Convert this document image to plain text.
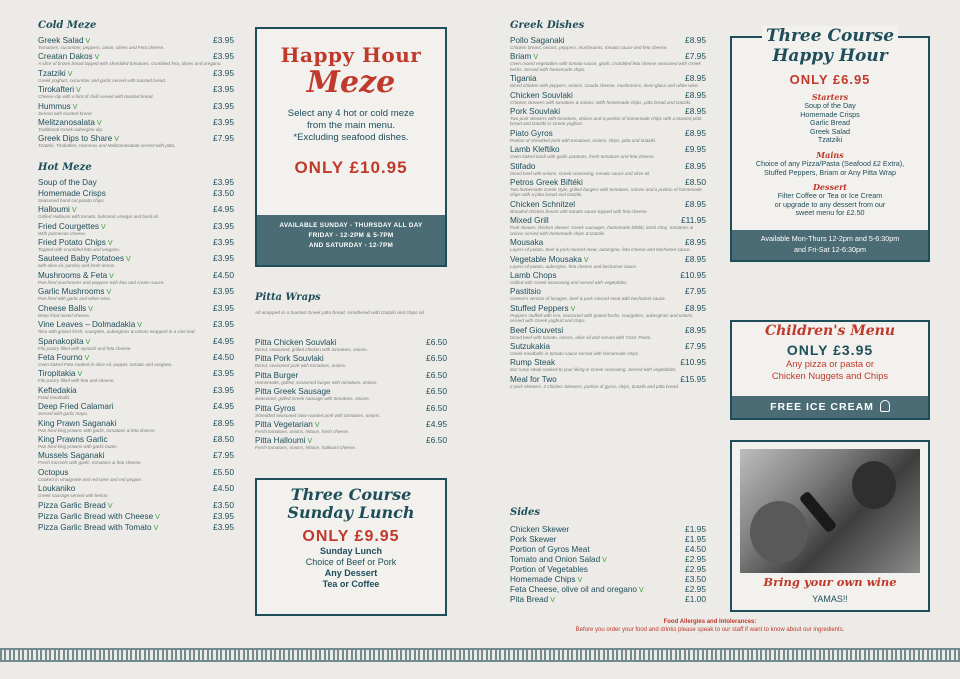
Cold Meze
Greek Salad V	£3.95
Tomatoes, cucumber, peppers, onion, olives and Feta cheese.
Creatan Dakos V	£3.95
A slice of brown bread topped with shredded tomatoes, crumbled feta, olives and oregano.
Tzatziki V	£3.95
Greek yoghurt, cucumber and garlic served with toasted bread.
Tirokafteri V	£3.95
Cheese dip with a hint of chilli served with toasted bread.
Hummus V	£3.95
Served with toasted bread.
Melitzanosalata V	£3.95
Traditional Greek aubergine dip.
Greek Dips to Share V	£7.95
Tzatziki, Tirokafteri, Hummus and Melitzanosalata served with pitta.
Hot Meze
Soup of the Day	£3.95
Homemade Crisps	£3.50
Seasoned hand cut potato chips.
Halloumi V	£4.95
Grilled Halloumi with tomato, balsamic vinegar and basil oil.
Fried Courgettes V	£3.95
With parmesan cheese.
Fried Potato Chips V	£3.95
Topped with crumbled feta and oregano.
Sauteed Baby Potatoes V	£3.95
with olive oil, parsley and fresh lemon.
Mushrooms & Feta V	£4.50
Pan fried mushrooms and peppers with feta and cream sauce.
Garlic Mushrooms V	£3.95
Pan fried with garlic and white wine.
Cheese Balls V	£3.95
Deep fried mixed cheese.
Vine Leaves – Dolmadakia V	£3.95
Rice with grated fresh, courgette, aubergines & onions wrapped in a vine leaf.
Spanakopita V	£4.95
Filo pastry filled with spinach and feta cheese.
Feta Fourno V	£4.50
Oven baked Feta cooked in olive oil, pepper, tomato and oregano.
Tiropitakia V	£3.95
Filo pastry filled with feta and cheese.
Keftedakia	£3.95
Fried meatballs.
Deep Fried Calamari	£4.95
Served with garlic mayo.
King Prawn Saganaki	£8.95
Pan fried king prawns with garlic, tomatoes & feta cheese.
King Prawns Garlic	£8.50
Pan fried king prawns with garlic butter.
Mussels Saganaki	£7.95
Fresh mussels with garlic, tomatoes & feta cheese.
Octopus	£5.50
Cooked in vinaigrette and red wine and red pepper.
Loukaniko	£4.50
Greek sausage served with lemon.
Pizza Garlic Bread V	£3.50
Pizza Garlic Bread with Cheese V	£3.95
Pizza Garlic Bread with Tomato V	£3.95
Happy Hour
Meze
Select any 4 hot or cold meze
from the main menu.
*Excluding seafood dishes.
ONLY £10.95
AVAILABLE SUNDAY - THURSDAY ALL DAY
FRIDAY - 12-2PM & 5-7PM
AND SATURDAY - 12-7PM
Pitta Wraps
All wrapped in a toasted Greek pitta bread, smothered with tzatziki and chips oil.
Pitta Chicken Souvlaki	£6.50
Diced, seasoned, grilled chicken with tomatoes, onions.
Pitta Pork Souvlaki	£6.50
Diced, seasoned pork with tomatoes, onions.
Pitta Burger	£6.50
Homemade, grilled, seasoned burger with tomatoes, onions.
Pitta Greek Sausage	£6.50
Seasoned, grilled Greek sausage with tomatoes, onions.
Pitta Gyros	£6.50
Shredded seasoned slow roasted pork with tomatoes, onions.
Pitta Vegetarian V	£4.95
Fresh tomatoes, onions, lettuce, fresh cheese.
Pitta Halloumi V	£6.50
Fresh tomatoes, onions, lettuce, halloumi cheese.
Three Course
Sunday Lunch
ONLY £9.95
Sunday Lunch
Choice of Beef or Pork
Any Dessert
Tea or Coffee
Greek Dishes
Pollo Saganaki	£8.95
Chicken breast, onions, peppers, mushrooms, tomato sauce and feta cheese.
Briam V	£7.95
Oven mixed vegetables with tomato sauce, garlic, crumbled feta cheese seasoned with Greek herbs. Served with homemade chips.
Tigania	£8.95
Diced chicken with peppers, onions, Gouda cheese, mushrooms, demi-glace and white wine.
Chicken Souvlaki	£8.95
Chicken skewers with tomatoes & onions. With homemade chips, pitta bread and tzatziki.
Pork Souvlaki	£8.95
Two pork skewers with tomatoes, onions and a portion of homemade chips with a toasted pitta bread and tzatziki or Greek yoghurt.
Piato Gyros	£8.95
Portion of shredded pork with tomatoes, onions, chips, pitta and tzatziki.
Lamb Kleftiko	£9.95
Oven baked lamb with garlic potatoes, fresh tomatoes and feta cheese.
Stifado	£8.95
Diced beef with onions, Greek seasoning, tomato sauce and olive oil.
Petros Greek Biftéki	£8.50
Two homemade Greek style, grilled burgers with tomatoes, onions and a portion of homemade chips with a pitta bread and tzatziki.
Chicken Schnitzel	£8.95
Breaded chicken breast with tomato sauce topped with feta cheese.
Mixed Grill	£11.95
Pork skewer, chicken skewer, Greek sausages, homemade biftéki, lamb chop, tomatoes & onions served with homemade chips & tzatziki.
Mousaka	£8.95
Layers of potato, beef & pork minced meat, aubergine, feta cheese and bechamel sauce.
Vegetable Mousaka V	£8.95
Layers of potato, aubergine, feta cheese and bechamel sauce.
Lamb Chops	£10.95
Grilled with Greek Seasoning and served with vegetables.
Pastitsio	£7.95
Greece's version of lasagne, beef & pork minced meat with bechamel sauce.
Stuffed Peppers V	£8.95
Peppers stuffed with rice, seasoned with grated herbs, courgettes, aubergines and onions, served with Greek yoghurt and chips.
Beef Giouvetsi	£8.95
Diced beef with tomato, onions, olive oil and served with 'Orzo' Pasta.
Sutzukakia	£7.95
Greek meatballs in tomato sauce served with homemade chips.
Rump Steak	£10.95
8oz rump steak cooked to your liking in Greek seasoning. Served with vegetables.
Meal for Two	£15.95
2 pork skewers, 2 chicken Skewers, portion of gyros, chips, tzatziki and pitta bread.
Sides
Chicken Skewer	£1.95
Pork Skewer	£1.95
Portion of Gyros Meat	£4.50
Tomato and Onion Salad V	£2.95
Portion of Vegetables	£2.95
Homemade Chips V	£3.50
Feta Cheese, olive oil and oregano V	£2.95
Pita Bread V	£1.00
Three Course
Happy Hour
ONLY £6.95
Starters
Soup of the Day
Homemade Crisps
Garlic Bread
Greek Salad
Tzatziki
Mains
Choice of any Pizza/Pasta (Seafood £2 Extra),
Stuffed Peppers, Briam or Any Pitta Wrap
Dessert
Filter Coffee or Tea or Ice Cream
or upgrade to any dessert from our
sweet menu for £2.50
Available Mon-Thurs 12-2pm and 5-6:30pm
and Fri-Sat 12-6:30pm
Children's Menu
ONLY £3.95
Any pizza or pasta or
Chicken Nuggets and Chips
FREE ICE CREAM
Bring your own wine
YAMAS!!
Food Allergies and Intolerances:
Before you order your food and drinks please speak to our staff if want to know about our ingredients.
